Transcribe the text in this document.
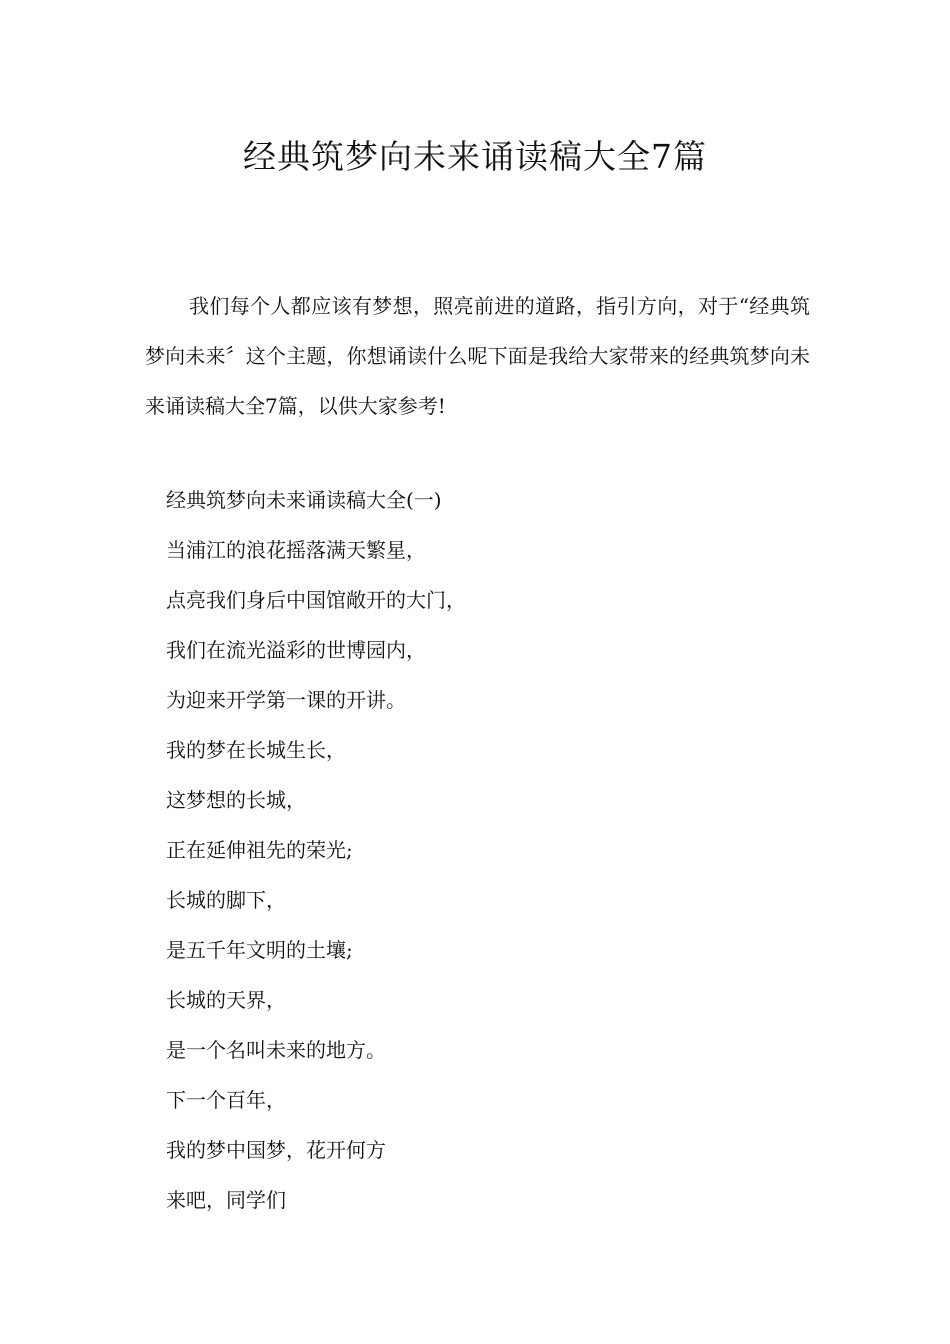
经典筑梦向未来诵读稿大全7篇

我们每个人都应该有梦想，照亮前进的道路，指引方向，对于“经典筑梦向未来〞这个主题，你想诵读什么呢下面是我给大家带来的经典筑梦向未来诵读稿大全7篇，以供大家参考!

经典筑梦向未来诵读稿大全(一)
当浦江的浪花摇落满天繁星，
点亮我们身后中国馆敞开的大门，
我们在流光溢彩的世博园内，
为迎来开学第一课的开讲。
我的梦在长城生长，
这梦想的长城，
正在延伸祖先的荣光;
长城的脚下，
是五千年文明的土壤;
长城的天界，
是一个名叫未来的地方。
下一个百年，
我的梦中国梦，花开何方
来吧，同学们
